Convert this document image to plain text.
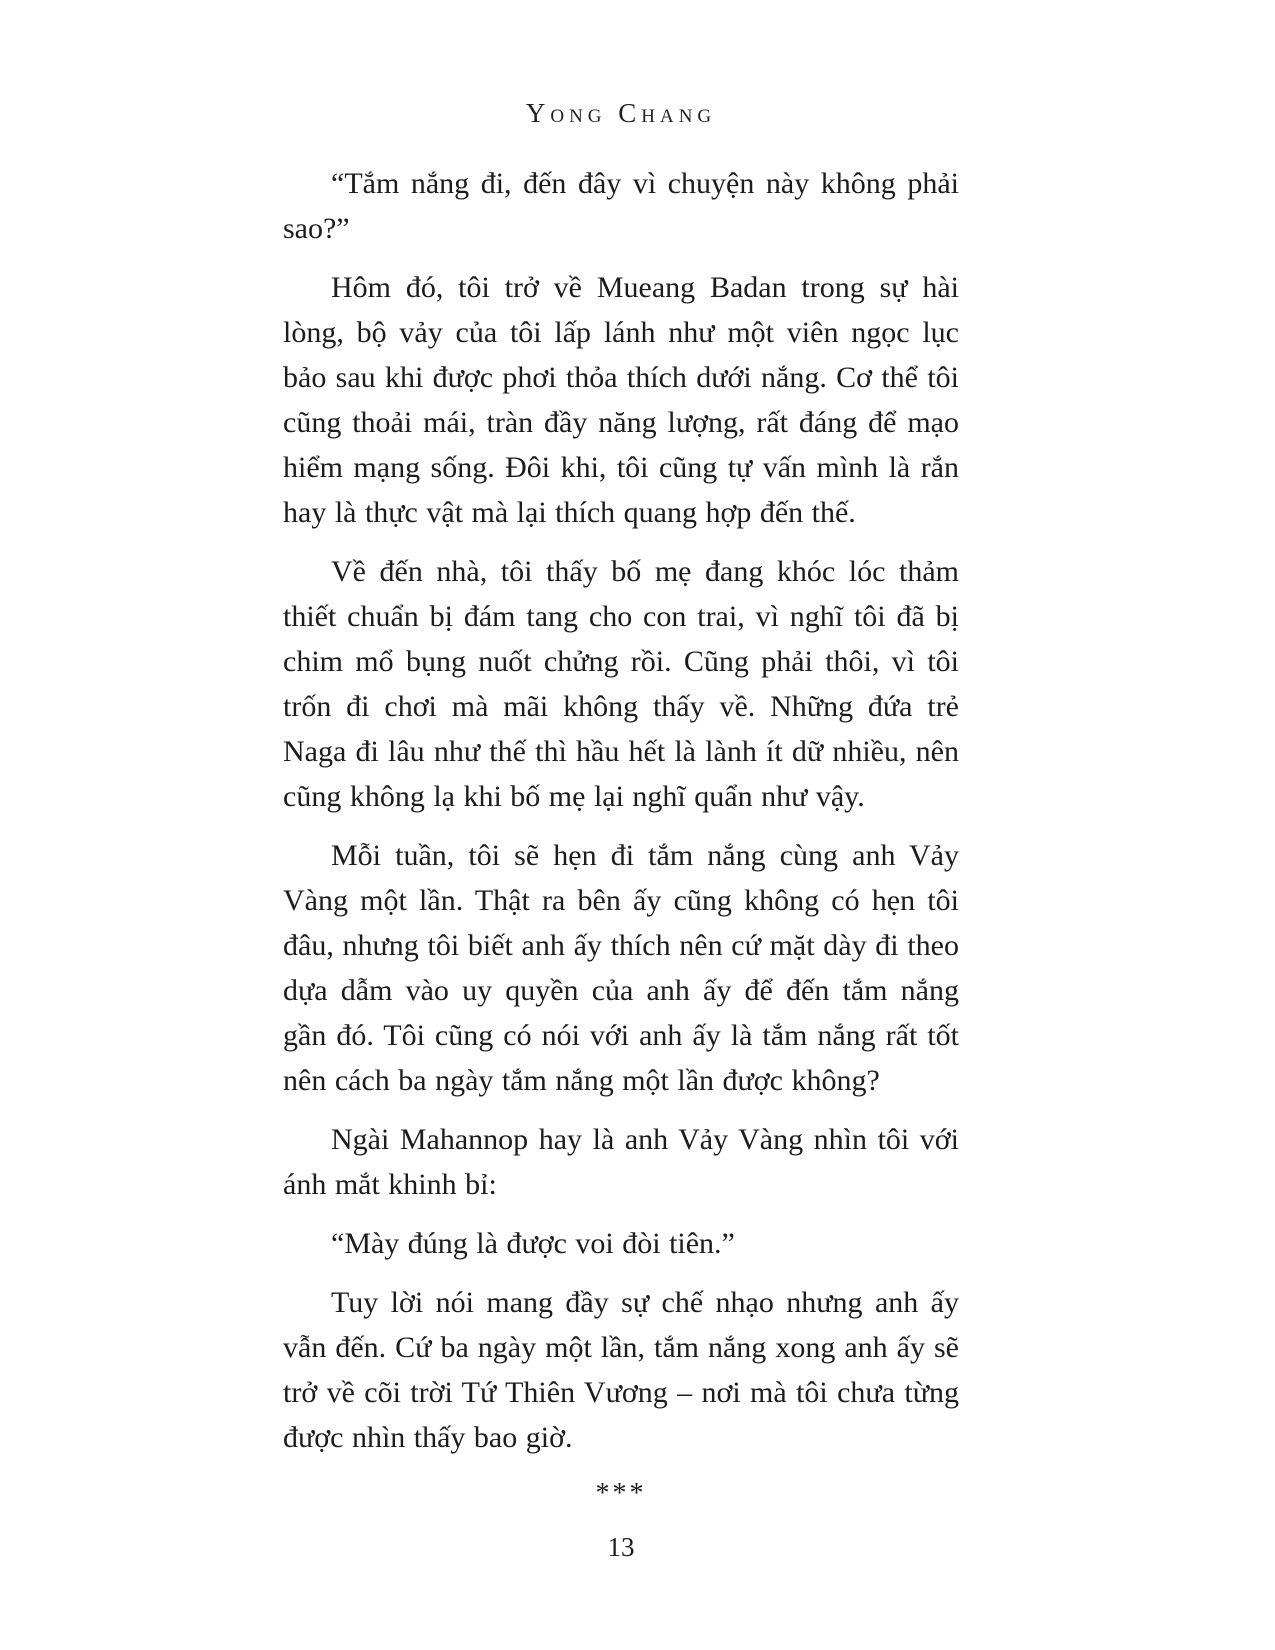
Yong Chang

“Tắm nắng đi, đến đây vì chuyện này không phải sao?”

Hôm đó, tôi trở về Mueang Badan trong sự hài lòng, bộ vảy của tôi lấp lánh như một viên ngọc lục bảo sau khi được phơi thỏa thích dưới nắng. Cơ thể tôi cũng thoải mái, tràn đầy năng lượng, rất đáng để mạo hiểm mạng sống. Đôi khi, tôi cũng tự vấn mình là rắn hay là thực vật mà lại thích quang hợp đến thế.

Về đến nhà, tôi thấy bố mẹ đang khóc lóc thảm thiết chuẩn bị đám tang cho con trai, vì nghĩ tôi đã bị chim mổ bụng nuốt chửng rồi. Cũng phải thôi, vì tôi trốn đi chơi mà mãi không thấy về. Những đứa trẻ Naga đi lâu như thế thì hầu hết là lành ít dữ nhiều, nên cũng không lạ khi bố mẹ lại nghĩ quẩn như vậy.

Mỗi tuần, tôi sẽ hẹn đi tắm nắng cùng anh Vảy Vàng một lần. Thật ra bên ấy cũng không có hẹn tôi đâu, nhưng tôi biết anh ấy thích nên cứ mặt dày đi theo dựa dẫm vào uy quyền của anh ấy để đến tắm nắng gần đó. Tôi cũng có nói với anh ấy là tắm nắng rất tốt nên cách ba ngày tắm nắng một lần được không?

Ngài Mahannop hay là anh Vảy Vàng nhìn tôi với ánh mắt khinh bỉ:

“Mày đúng là được voi đòi tiên.”

Tuy lời nói mang đầy sự chế nhạo nhưng anh ấy vẫn đến. Cứ ba ngày một lần, tắm nắng xong anh ấy sẽ trở về cõi trời Tứ Thiên Vương – nơi mà tôi chưa từng được nhìn thấy bao giờ.

***
13
